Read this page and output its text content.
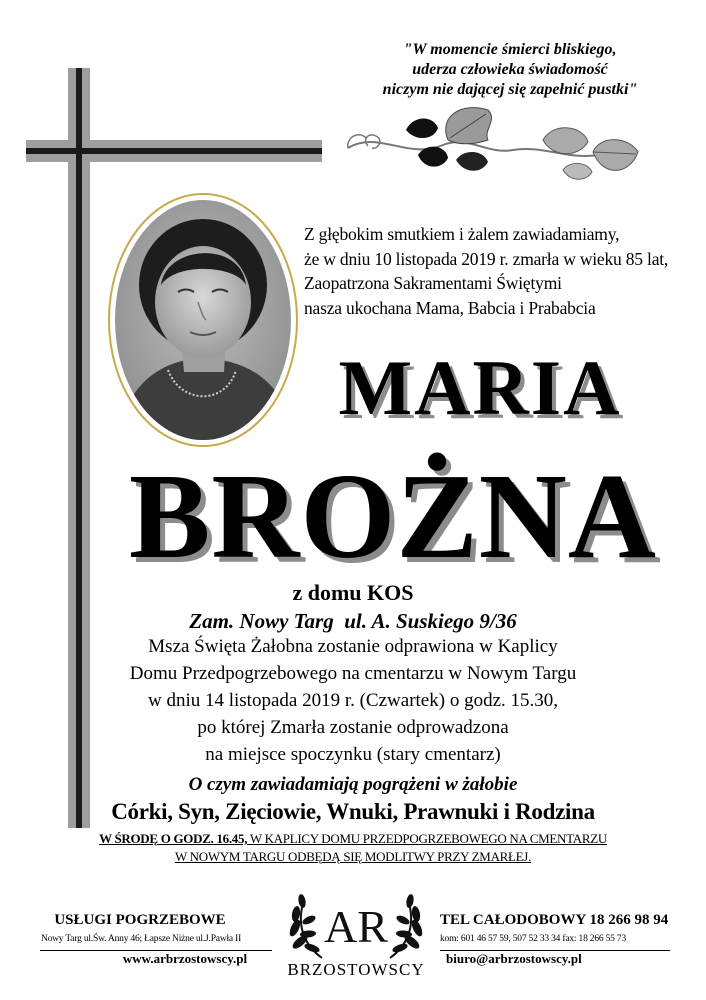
"W momencie śmierci bliskiego,
uderza człowieka świadomość
niczym nie dającej się zapełnić pustki"
Z głębokim smutkiem i żalem zawiadamiamy,
że w dniu 10 listopada 2019 r. zmarła w wieku 85 lat,
Zaopatrzona Sakramentami Świętymi
nasza ukochana Mama, Babcia i Prababcia
MARIA
BROŻNA
z domu KOS
Zam. Nowy Targ  ul. A. Suskiego 9/36
Msza Święta Żałobna zostanie odprawiona w Kaplicy
Domu Przedpogrzebowego na cmentarzu w Nowym Targu
w dniu 14 listopada 2019 r. (Czwartek) o godz. 15.30,
po której Zmarła zostanie odprowadzona
na miejsce spoczynku (stary cmentarz)
O czym zawiadamiają pogrążeni w żałobie
Córki, Syn, Zięciowie, Wnuki, Prawnuki i Rodzina
W ŚRODĘ O GODZ. 16.45, W KAPLICY DOMU PRZEDPOGRZEBOWEGO NA CMENTARZU
W NOWYM TARGU ODBĘDĄ SIĘ MODLITWY PRZY ZMARŁEJ.
USŁUGI POGRZEBOWE
Nowy Targ ul.Św. Anny 46; Łapsze Niżne ul.J.Pawła II
www.arbrzostowscy.pl
AR
BRZOSTOWSCY
TEL CAŁODOBOWY 18 266 98 94
kom: 601 46 57 59, 507 52 33 34 fax: 18 266 55 73
biuro@arbrzostowscy.pl
